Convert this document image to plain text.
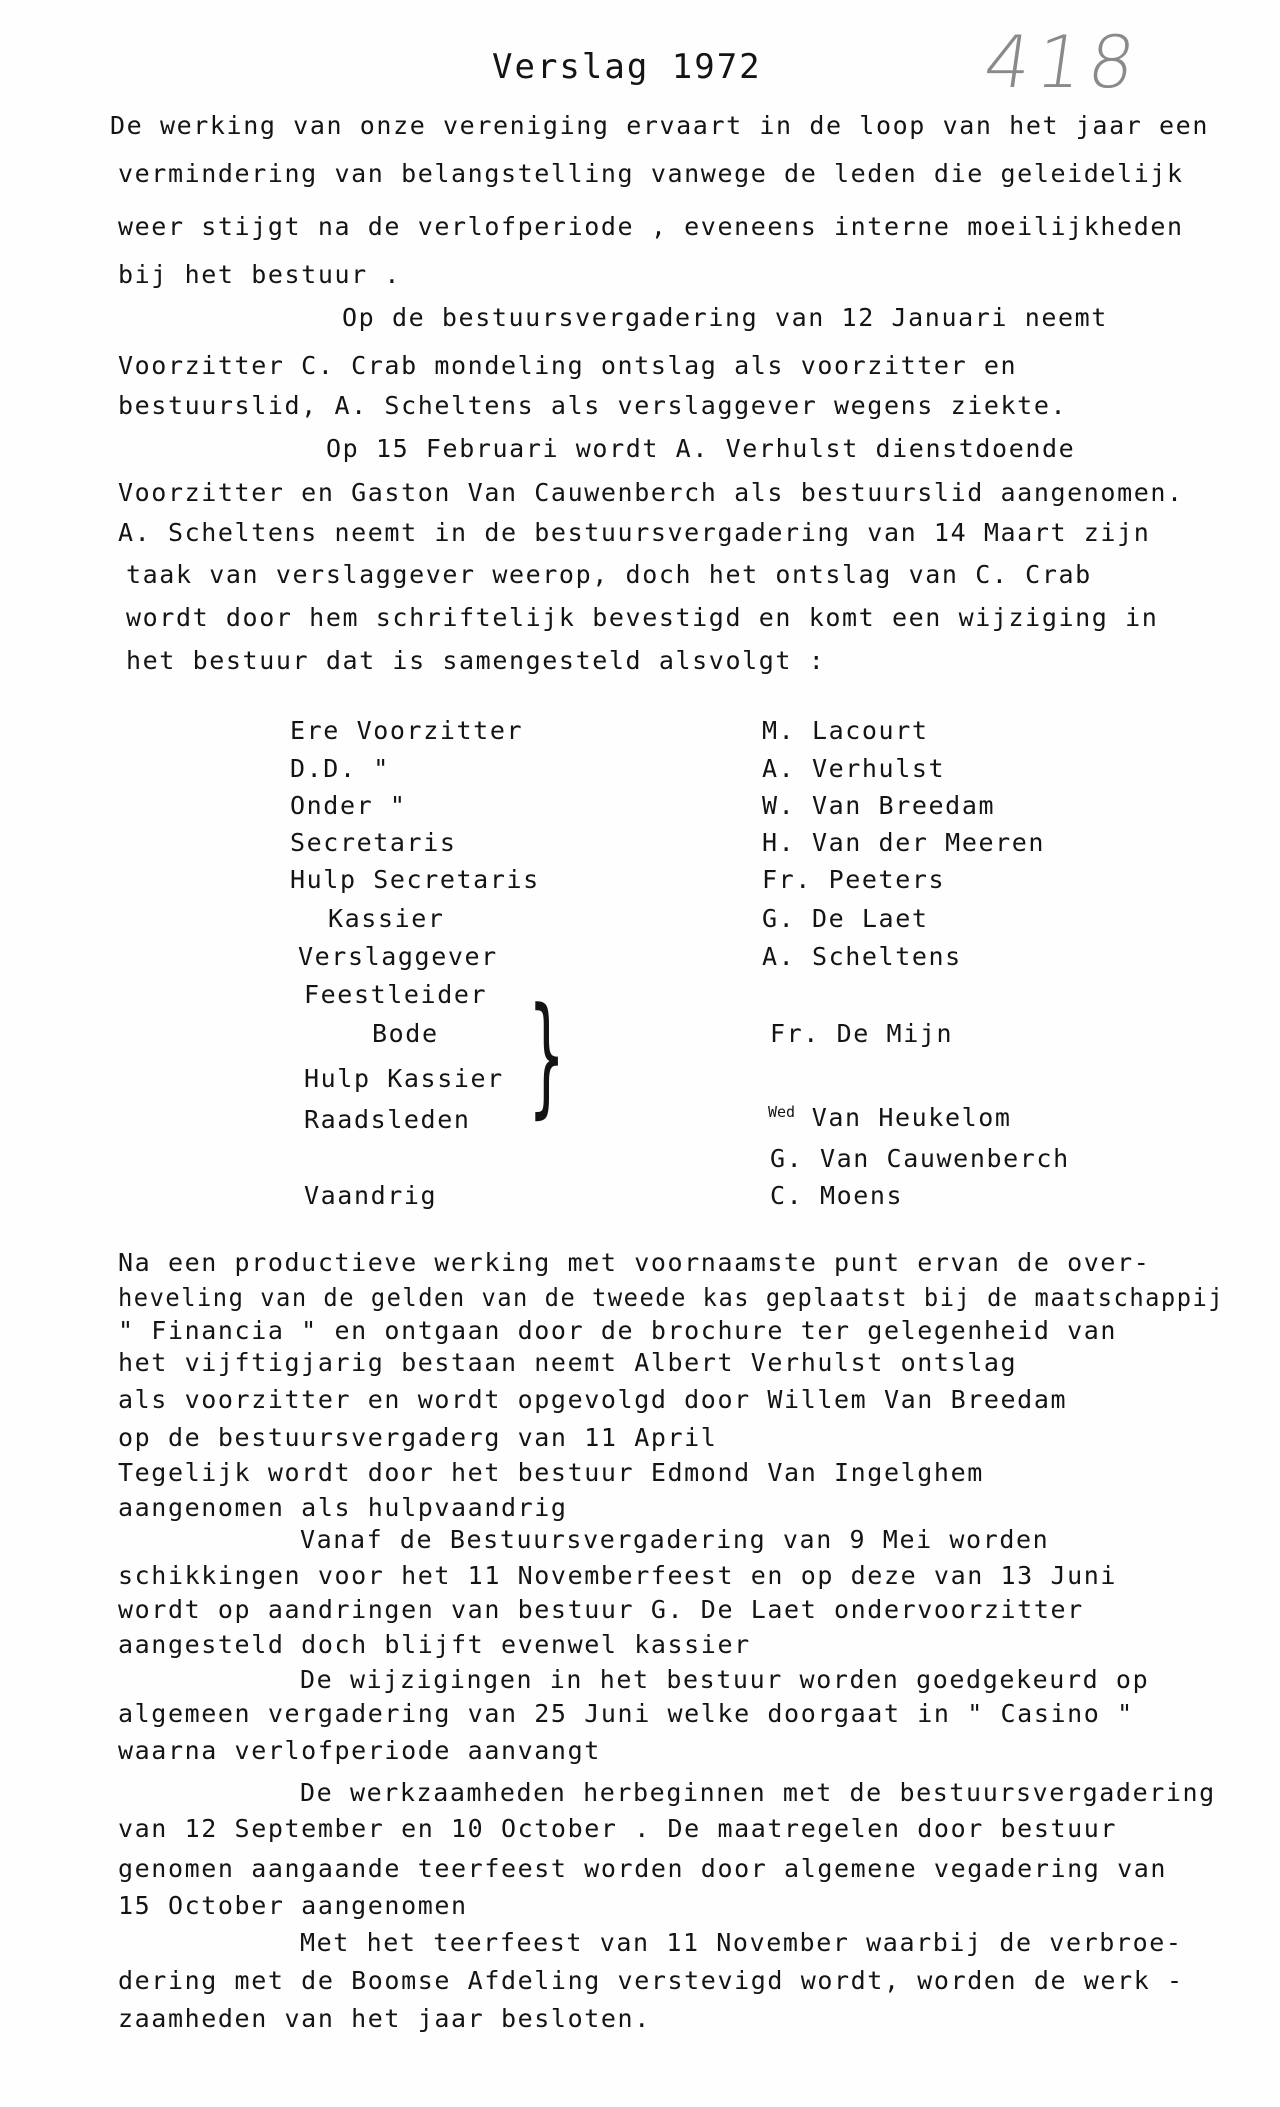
418
Verslag 1972
De werking van onze vereniging ervaart in de loop van het jaar een
vermindering van belangstelling vanwege de leden die geleidelijk
weer stijgt na de verlofperiode , eveneens interne moeilijkheden
bij het bestuur .
Op de bestuursvergadering van 12 Januari neemt
Voorzitter C. Crab mondeling ontslag als voorzitter en
bestuurslid, A. Scheltens als verslaggever wegens ziekte.
Op 15 Februari wordt A. Verhulst dienstdoende
Voorzitter en Gaston Van Cauwenberch als bestuurslid aangenomen.
A. Scheltens neemt in de bestuursvergadering van 14 Maart zijn
taak van verslaggever weerop, doch het ontslag van C. Crab
wordt door hem schriftelijk bevestigd en komt een wijziging in
het bestuur dat is samengesteld alsvolgt :
Ere Voorzitter
D.D. "
Onder "
Secretaris
Hulp Secretaris
Kassier
Verslaggever
Feestleider
Bode
Hulp Kassier
Raadsleden
Vaandrig
}
M. Lacourt
A. Verhulst
W. Van Breedam
H. Van der Meeren
Fr. Peeters
G. De Laet
A. Scheltens
Fr. De Mijn
$^{Wed}$ Van Heukelom
G. Van Cauwenberch
C. Moens
Na een productieve werking met voornaamste punt ervan de over-
heveling van de gelden van de tweede kas geplaatst bij de maatschappij
" Financia " en ontgaan door de brochure ter gelegenheid van
het vijftigjarig bestaan neemt Albert Verhulst ontslag
als voorzitter en wordt opgevolgd door Willem Van Breedam
op de bestuursvergaderg van 11 April
Tegelijk wordt door het bestuur Edmond Van Ingelghem
aangenomen als hulpvaandrig
Vanaf de Bestuursvergadering van 9 Mei worden
schikkingen voor het 11 Novemberfeest en op deze van 13 Juni
wordt op aandringen van bestuur G. De Laet ondervoorzitter
aangesteld doch blijft evenwel kassier
De wijzigingen in het bestuur worden goedgekeurd op
algemeen vergadering van 25 Juni welke doorgaat in " Casino "
waarna verlofperiode aanvangt
De werkzaamheden herbeginnen met de bestuursvergadering
van 12 September en 10 October . De maatregelen door bestuur
genomen aangaande teerfeest worden door algemene vegadering van
15 October aangenomen
Met het teerfeest van 11 November waarbij de verbroe-
dering met de Boomse Afdeling verstevigd wordt, worden de werk -
zaamheden van het jaar besloten.
